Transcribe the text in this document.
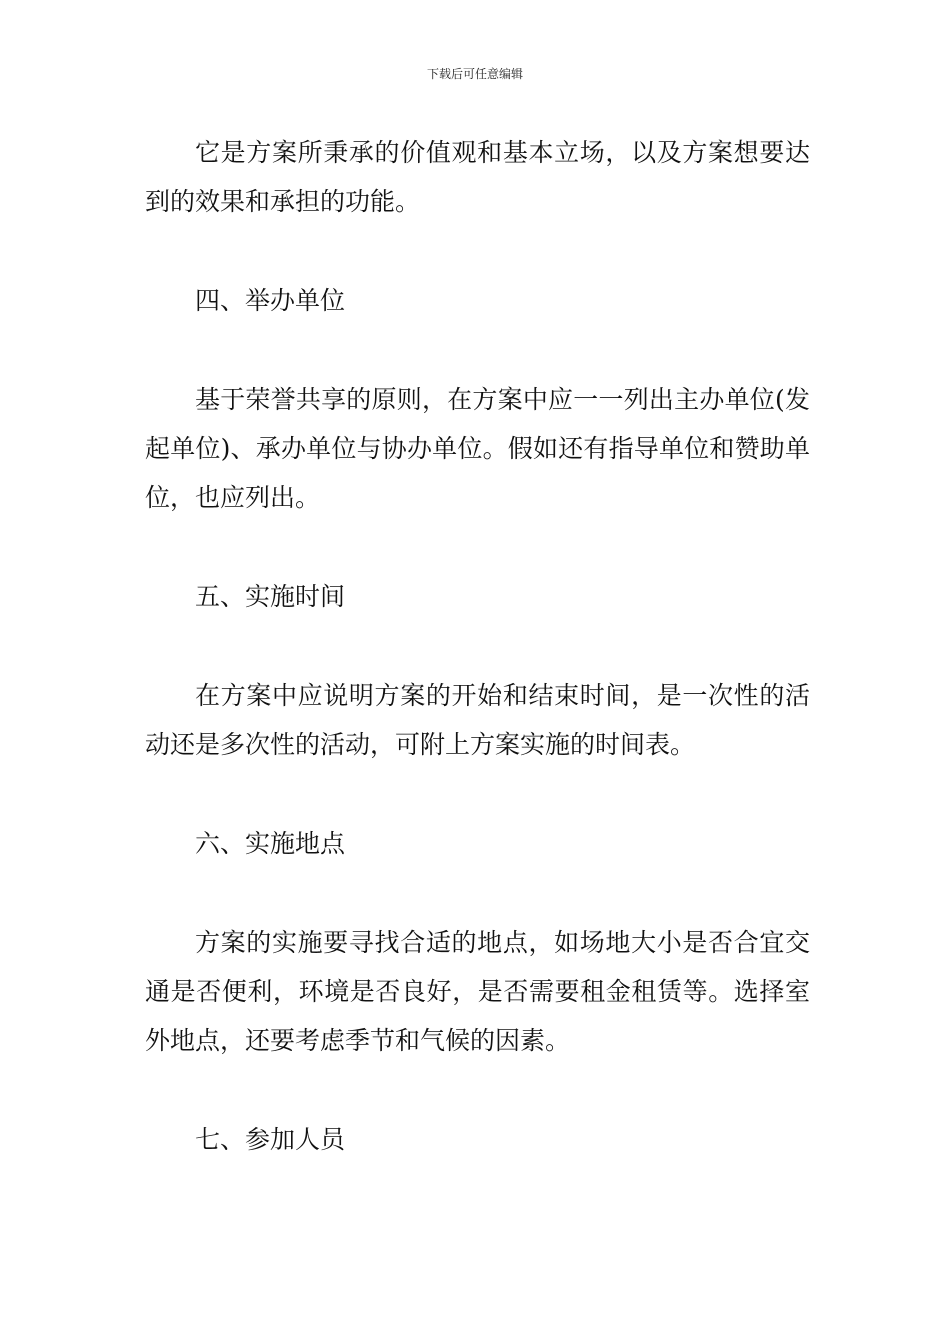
下载后可任意编辑

它是方案所秉承的价值观和基本立场，以及方案想要达到的效果和承担的功能。

四、举办单位

基于荣誉共享的原则，在方案中应一一列出主办单位(发起单位)、承办单位与协办单位。假如还有指导单位和赞助单位，也应列出。

五、实施时间

在方案中应说明方案的开始和结束时间，是一次性的活动还是多次性的活动，可附上方案实施的时间表。

六、实施地点

方案的实施要寻找合适的地点，如场地大小是否合宜交通是否便利，环境是否良好，是否需要租金租赁等。选择室外地点，还要考虑季节和气候的因素。

七、参加人员
